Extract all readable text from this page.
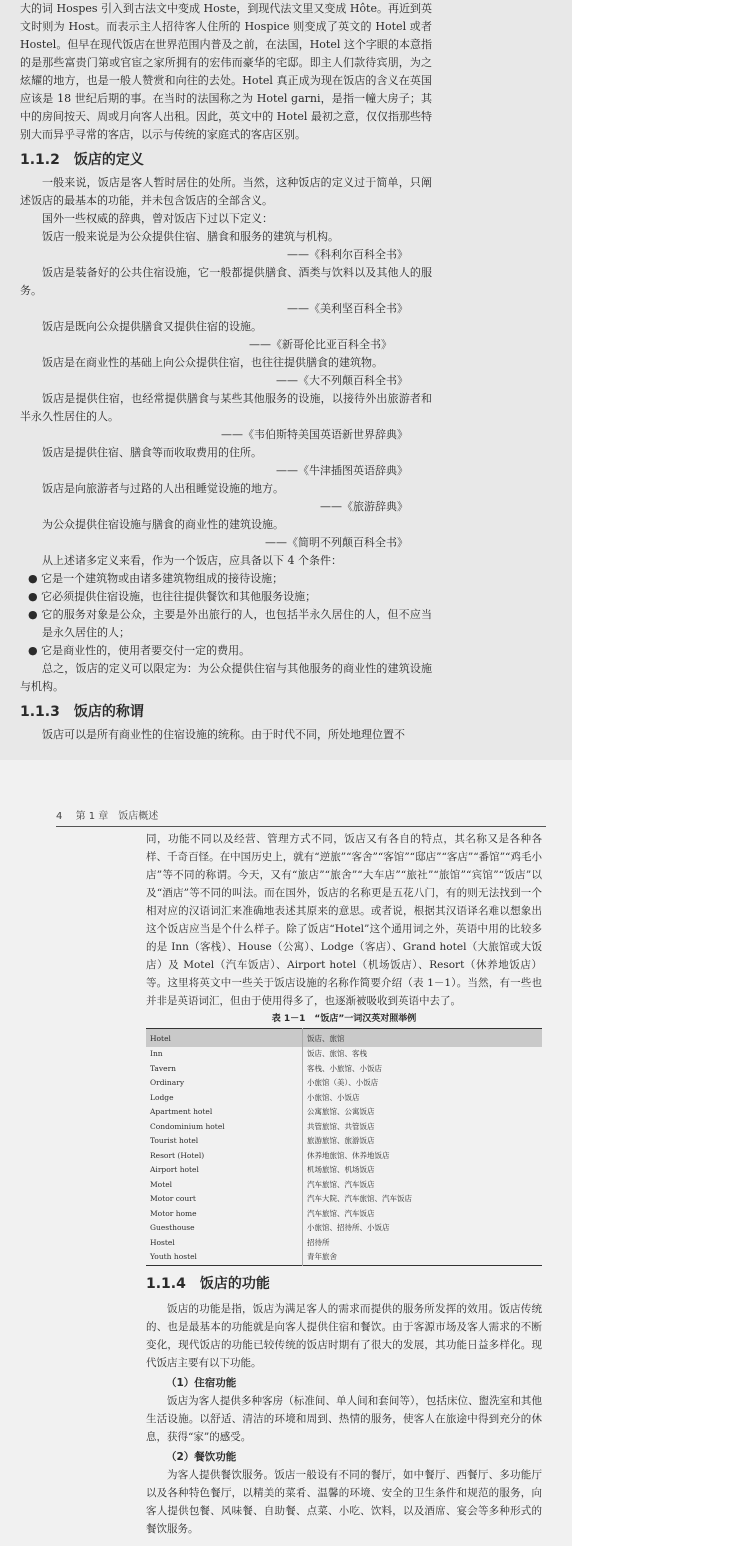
大的词 Hospes 引入到古法文中变成 Hoste，到现代法文里又变成 Hôte。再近到英文时则为 Host。而表示主人招待客人住所的 Hospice 则变成了英文的 Hotel 或者 Hostel。但早在现代饭店在世界范围内普及之前，在法国，Hotel 这个字眼的本意指的是那些富贵门第或官宦之家所拥有的宏伟而豪华的宅邸。即主人们款待宾朋，为之炫耀的地方，也是一般人赞赏和向往的去处。Hotel 真正成为现在饭店的含义在英国应该是 18 世纪后期的事。在当时的法国称之为 Hotel garni，是指一幢大房子；其中的房间按天、周或月向客人出租。因此，英文中的 Hotel 最初之意，仅仅指那些特别大而异乎寻常的客店，以示与传统的家庭式的客店区别。

1.1.2　饭店的定义

一般来说，饭店是客人暂时居住的处所。当然，这种饭店的定义过于简单，只阐述饭店的最基本的功能，并未包含饭店的全部含义。

国外一些权威的辞典，曾对饭店下过以下定义：

饭店一般来说是为公众提供住宿、膳食和服务的建筑与机构。

——《科利尔百科全书》

饭店是装备好的公共住宿设施，它一般都提供膳食、酒类与饮料以及其他人的服务。

——《美利坚百科全书》

饭店是既向公众提供膳食又提供住宿的设施。

——《新哥伦比亚百科全书》

饭店是在商业性的基础上向公众提供住宿，也往往提供膳食的建筑物。

——《大不列颠百科全书》

饭店是提供住宿，也经常提供膳食与某些其他服务的设施，以接待外出旅游者和半永久性居住的人。

——《韦伯斯特美国英语新世界辞典》

饭店是提供住宿、膳食等而收取费用的住所。

——《牛津插图英语辞典》

饭店是向旅游者与过路的人出租睡觉设施的地方。

——《旅游辞典》

为公众提供住宿设施与膳食的商业性的建筑设施。

——《简明不列颠百科全书》

从上述诸多定义来看，作为一个饭店，应具备以下 4 个条件：

● 它是一个建筑物或由诸多建筑物组成的接待设施；

● 它必须提供住宿设施，也往往提供餐饮和其他服务设施；

● 它的服务对象是公众，主要是外出旅行的人，也包括半永久居住的人，但不应当是永久居住的人；

● 它是商业性的，使用者要交付一定的费用。

总之，饭店的定义可以限定为：为公众提供住宿与其他服务的商业性的建筑设施与机构。

1.1.3　饭店的称谓

饭店可以是所有商业性的住宿设施的统称。由于时代不同，所处地理位置不

4 第 1 章　饭店概述

同，功能不同以及经营、管理方式不同，饭店又有各自的特点，其名称又是各种各样、千奇百怪。在中国历史上，就有“逆旅”“客舍”“客馆”“邸店”“客店”“番馆”“鸡毛小店”等不同的称谓。今天，又有“旅店”“旅舍”“大车店”“旅社”“旅馆”“宾馆”“饭店”以及“酒店”等不同的叫法。而在国外，饭店的名称更是五花八门，有的则无法找到一个相对应的汉语词汇来准确地表述其原来的意思。或者说，根据其汉语译名难以想象出这个饭店应当是个什么样子。除了饭店“Hotel”这个通用词之外，英语中用的比较多的是 Inn（客栈）、House（公寓）、Lodge（客店）、Grand hotel（大旅馆或大饭店）及 Motel（汽车饭店）、Airport hotel（机场饭店）、Resort（休养地饭店）等。这里将英文中一些关于饭店设施的名称作简要介绍（表 1－1）。当然，有一些也并非是英语词汇，但由于使用得多了，也逐渐被吸收到英语中去了。

表 1－1　“饭店”一词汉英对照举例
Hotel	饭店、旅馆
Inn	饭店、旅馆、客栈
Tavern	客栈、小旅馆、小饭店
Ordinary	小旅馆（美）、小饭店
Lodge	小旅馆、小饭店
Apartment hotel	公寓旅馆、公寓饭店
Condominium hotel	共管旅馆、共管饭店
Tourist hotel	旅游旅馆、旅游饭店
Resort (Hotel)	休养地旅馆、休养地饭店
Airport hotel	机场旅馆、机场饭店
Motel	汽车旅馆、汽车饭店
Motor court	汽车大院、汽车旅馆、汽车饭店
Motor home	汽车旅馆、汽车饭店
Guesthouse	小旅馆、招待所、小饭店
Hostel	招待所
Youth hostel	青年旅舍
1.1.4　饭店的功能

饭店的功能是指，饭店为满足客人的需求而提供的服务所发挥的效用。饭店传统的、也是最基本的功能就是向客人提供住宿和餐饮。由于客源市场及客人需求的不断变化，现代饭店的功能已较传统的饭店时期有了很大的发展，其功能日益多样化。现代饭店主要有以下功能。

（1）住宿功能

饭店为客人提供多种客房（标准间、单人间和套间等），包括床位、盥洗室和其他生活设施。以舒适、清洁的环境和周到、热情的服务，使客人在旅途中得到充分的休息，获得“家”的感受。

（2）餐饮功能

为客人提供餐饮服务。饭店一般设有不同的餐厅，如中餐厅、西餐厅、多功能厅以及各种特色餐厅，以精美的菜肴、温馨的环境、安全的卫生条件和规范的服务，向客人提供包餐、风味餐、自助餐、点菜、小吃、饮料，以及酒席、宴会等多种形式的餐饮服务。
